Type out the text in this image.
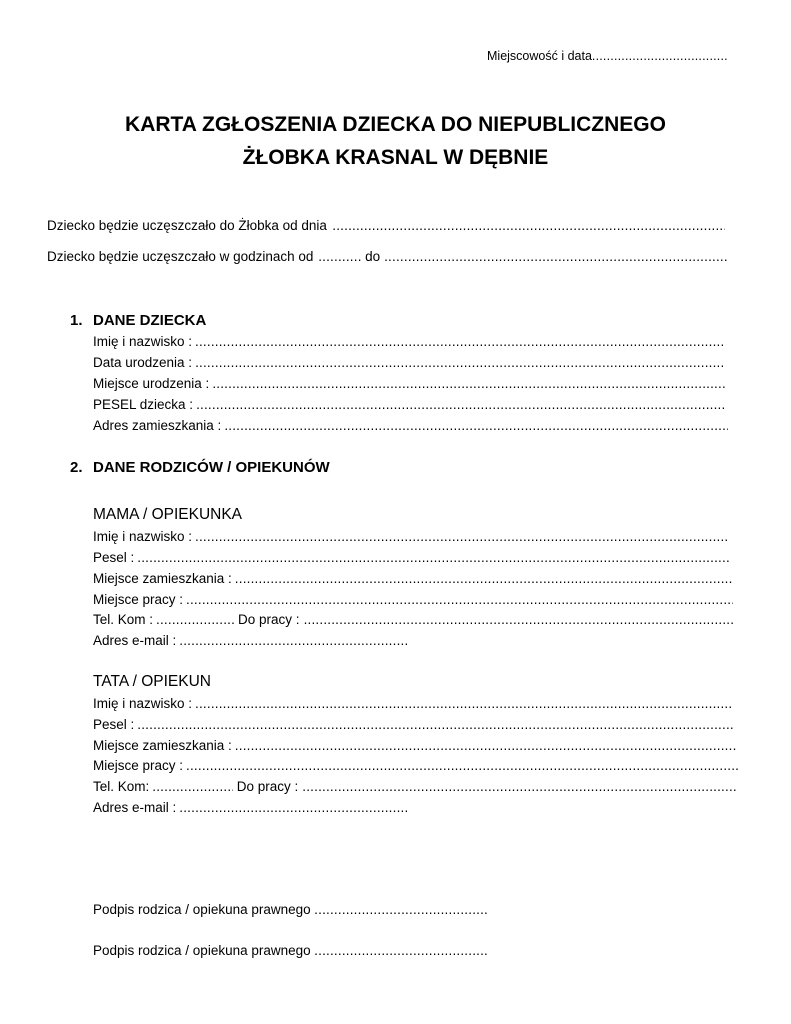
Miejscowość i data
.....
KARTA ZGŁOSZENIA DZIECKA DO NIEPUBLICZNEGO
ŻŁOBKA KRASNAL W DĘBNIE
Dziecko będzie uczęszczało do Żłobka od dnia
.....
Dziecko będzie uczęszczało w godzinach od .....	do
.....
1. DANE DZIECKA
Imię i nazwisko :
.....
Data urodzenia :
.....
Miejsce urodzenia :
.....
PESEL dziecka :
.....
Adres zamieszkania :
.....
2. DANE RODZICÓW / OPIEKUNÓW
MAMA / OPIEKUNKA
Imię i nazwisko :
.....
Pesel :
.....
Miejsce zamieszkania :
.....
Miejsce pracy :
.....
Tel. Kom : .....	Do pracy :
.....
Adres e-mail :
.....
TATA / OPIEKUN
Imię i nazwisko :
.....
Pesel :
.....
Miejsce zamieszkania :
.....
Miejsce pracy :
.....
Tel. Kom: .....	Do pracy :
.....
Adres e-mail :
.....
Podpis rodzica / opiekuna prawnego
.....
Podpis rodzica / opiekuna prawnego
.....
